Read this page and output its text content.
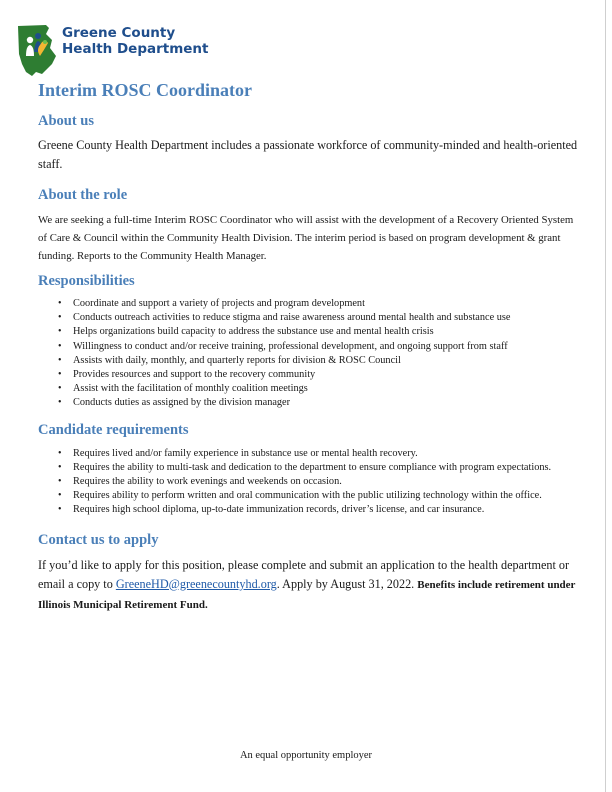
Greene County
Health Department
Interim ROSC Coordinator
About us

Greene County Health Department includes a passionate workforce of community-minded and health-oriented staff.

About the role

We are seeking a full-time Interim ROSC Coordinator who will assist with the development of a Recovery Oriented System of Care & Council within the Community Health Division. The interim period is based on program development & grant funding. Reports to the Community Health Manager.

Responsibilities
• Coordinate and support a variety of projects and program development
• Conducts outreach activities to reduce stigma and raise awareness around mental health and substance use
• Helps organizations build capacity to address the substance use and mental health crisis
• Willingness to conduct and/or receive training, professional development, and ongoing support from staff
• Assists with daily, monthly, and quarterly reports for division & ROSC Council
• Provides resources and support to the recovery community
• Assist with the facilitation of monthly coalition meetings
• Conducts duties as assigned by the division manager
Candidate requirements
• Requires lived and/or family experience in substance use or mental health recovery.
• Requires the ability to multi-task and dedication to the department to ensure compliance with program expectations.
• Requires the ability to work evenings and weekends on occasion.
• Requires ability to perform written and oral communication with the public utilizing technology within the office.
• Requires high school diploma, up-to-date immunization records, driver’s license, and car insurance.
Contact us to apply

If you’d like to apply for this position, please complete and submit an application to the health department or email a copy to GreeneHD@greenecountyhd.org. Apply by August 31, 2022. Benefits include retirement under Illinois Municipal Retirement Fund.

An equal opportunity employer
